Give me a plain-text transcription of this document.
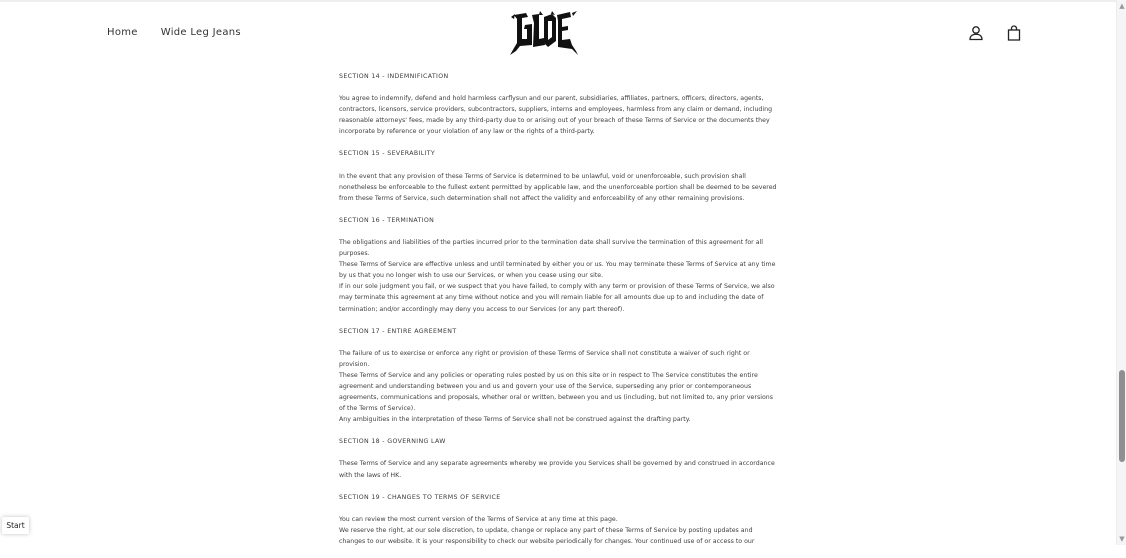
Home Wide Leg Jeans
SECTION 14 - INDEMNIFICATION

You agree to indemnify, defend and hold harmless carflysun and our parent, subsidiaries, affiliates, partners, officers, directors, agents, contractors, licensors, service providers, subcontractors, suppliers, interns and employees, harmless from any claim or demand, including reasonable attorneys' fees, made by any third-party due to or arising out of your breach of these Terms of Service or the documents they incorporate by reference or your violation of any law or the rights of a third-party.

SECTION 15 - SEVERABILITY

In the event that any provision of these Terms of Service is determined to be unlawful, void or unenforceable, such provision shall nonetheless be enforceable to the fullest extent permitted by applicable law, and the unenforceable portion shall be deemed to be severed from these Terms of Service, such determination shall not affect the validity and enforceability of any other remaining provisions.

SECTION 16 - TERMINATION

The obligations and liabilities of the parties incurred prior to the termination date shall survive the termination of this agreement for all purposes.

These Terms of Service are effective unless and until terminated by either you or us. You may terminate these Terms of Service at any time by us that you no longer wish to use our Services, or when you cease using our site.

If in our sole judgment you fail, or we suspect that you have failed, to comply with any term or provision of these Terms of Service, we also may terminate this agreement at any time without notice and you will remain liable for all amounts due up to and including the date of termination; and/or accordingly may deny you access to our Services (or any part thereof).

SECTION 17 - ENTIRE AGREEMENT

The failure of us to exercise or enforce any right or provision of these Terms of Service shall not constitute a waiver of such right or provision.

These Terms of Service and any policies or operating rules posted by us on this site or in respect to The Service constitutes the entire agreement and understanding between you and us and govern your use of the Service, superseding any prior or contemporaneous agreements, communications and proposals, whether oral or written, between you and us (including, but not limited to, any prior versions of the Terms of Service).

Any ambiguities in the interpretation of these Terms of Service shall not be construed against the drafting party.

SECTION 18 - GOVERNING LAW

These Terms of Service and any separate agreements whereby we provide you Services shall be governed by and construed in accordance with the laws of HK.

SECTION 19 - CHANGES TO TERMS OF SERVICE

You can review the most current version of the Terms of Service at any time at this page.

We reserve the right, at our sole discretion, to update, change or replace any part of these Terms of Service by posting updates and changes to our website. It is your responsibility to check our website periodically for changes. Your continued use of or access to our

Start
▲
▼
